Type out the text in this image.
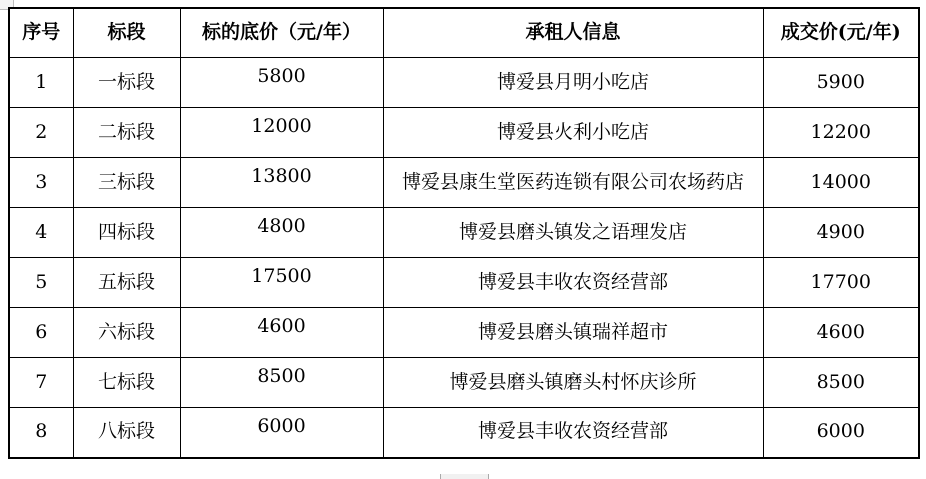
序号	标段	标的底价（元/年）	承租人信息	成交价(元/年)
1	一标段	5800	博爱县月明小吃店	5900
2	二标段	12000	博爱县火利小吃店	12200
3	三标段	13800	博爱县康生堂医药连锁有限公司农场药店	14000
4	四标段	4800	博爱县磨头镇发之语理发店	4900
5	五标段	17500	博爱县丰收农资经营部	17700
6	六标段	4600	博爱县磨头镇瑞祥超市	4600
7	七标段	8500	博爱县磨头镇磨头村怀庆诊所	8500
8	八标段	6000	博爱县丰收农资经营部	6000
